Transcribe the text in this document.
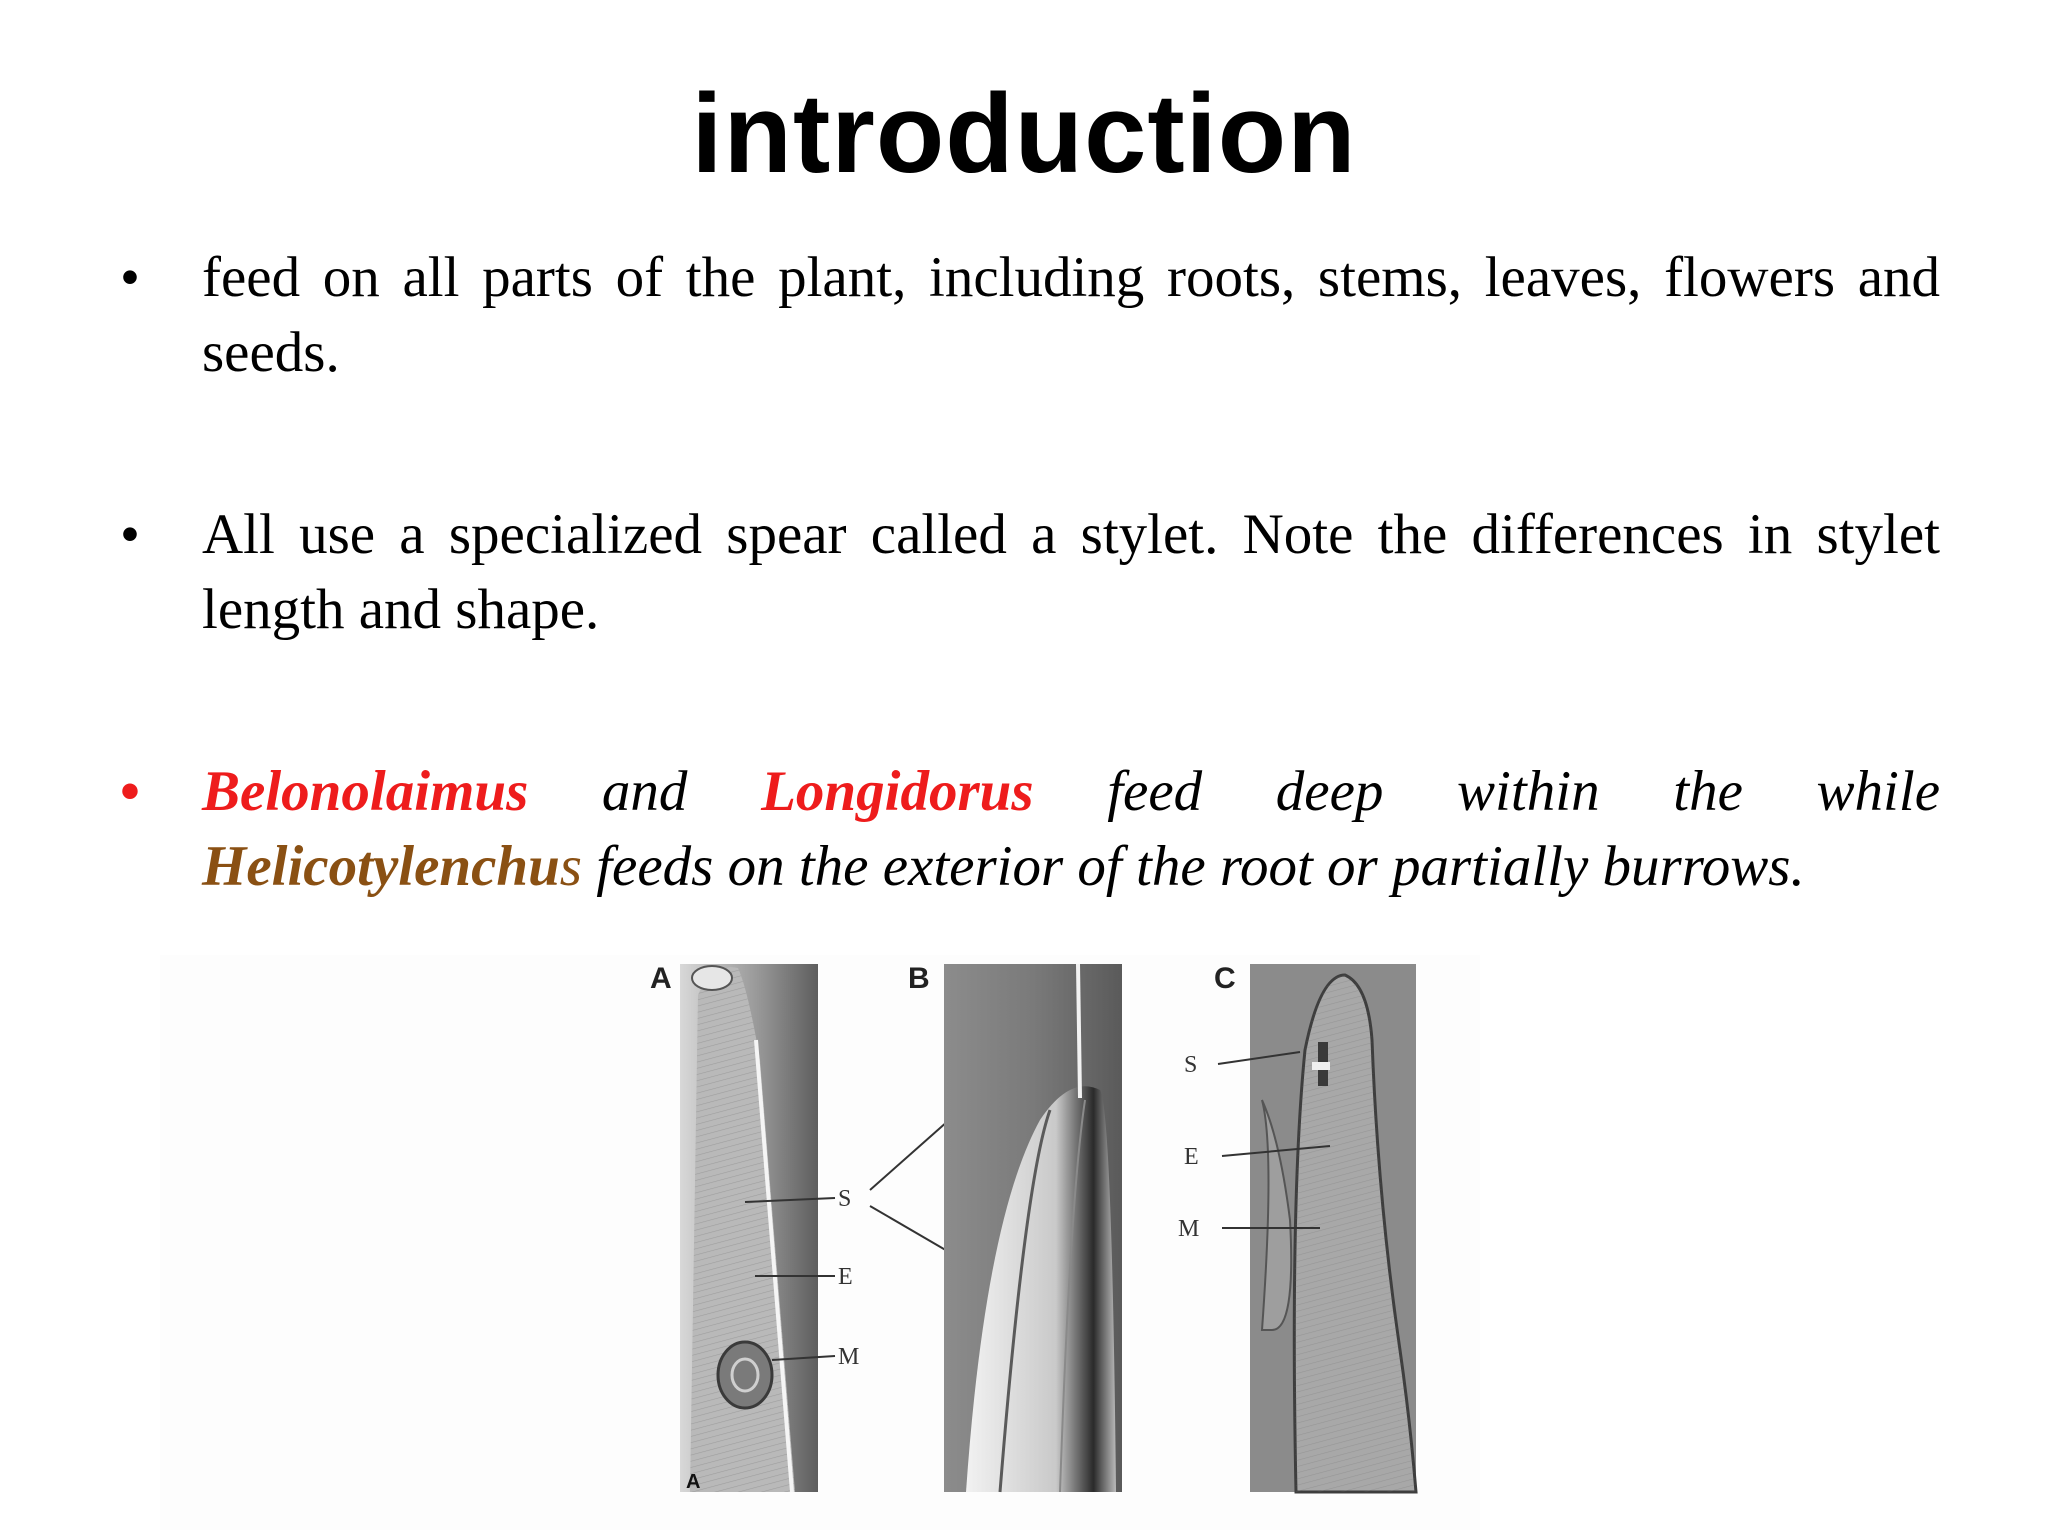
introduction
•	feed on all parts of the plant, including roots, stems, leaves, flowers and seeds.
•	All use a specialized spear called a stylet. Note the differences in stylet length and shape.
•	Belonolaimus and Longidorus feed deep within the while
Helicotylenchus feeds on the exterior of the root or partially burrows.
A
A
S
E
M
B	C
S
E
M
